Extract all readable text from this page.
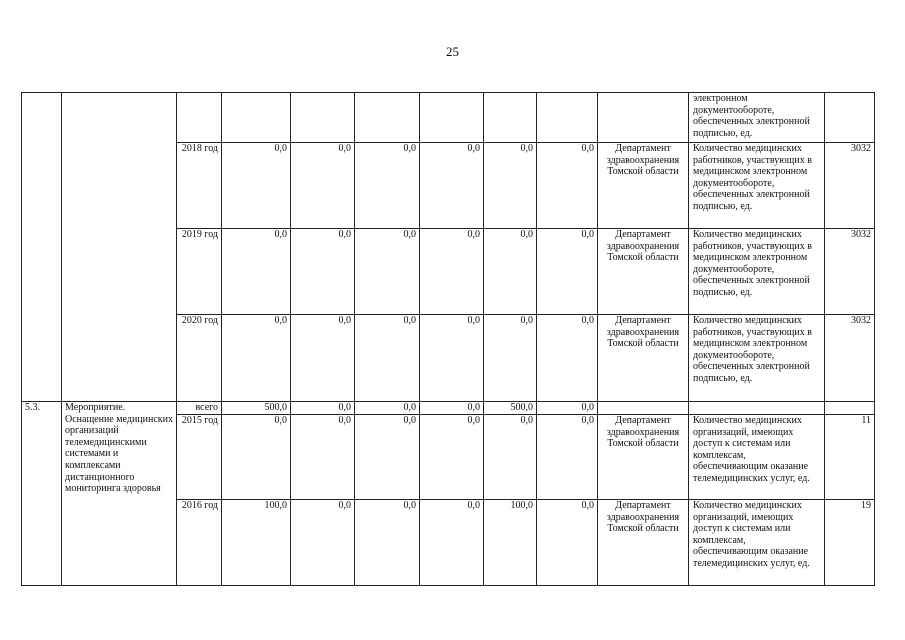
25
										электронном документообороте, обеспеченных электронной подписью, ед.	
		2018 год	0,0	0,0	0,0	0,0	0,0	0,0	Департамент здравоохранения Томской области	Количество медицинских работников, участвующих в медицинском электронном документообороте, обеспеченных электронной подписью, ед.	3032
		2019 год	0,0	0,0	0,0	0,0	0,0	0,0	Департамент здравоохранения Томской области	Количество медицинских работников, участвующих в медицинском электронном документообороте, обеспеченных электронной подписью, ед.	3032
		2020 год	0,0	0,0	0,0	0,0	0,0	0,0	Департамент здравоохранения Томской области	Количество медицинских работников, участвующих в медицинском электронном документообороте, обеспеченных электронной подписью, ед.	3032
5.3.	Мероприятие. Оснащение медицинских организаций телемедицинскими системами и комплексами дистанционного мониторинга здоровья	всего	500,0	0,0	0,0	0,0	500,0	0,0			
		2015 год	0,0	0,0	0,0	0,0	0,0	0,0	Департамент здравоохранения Томской области	Количество медицинских организаций, имеющих доступ к системам или комплексам, обеспечивающим оказание телемедицинских услуг, ед.	11
		2016 год	100,0	0,0	0,0	0,0	100,0	0,0	Департамент здравоохранения Томской области	Количество медицинских организаций, имеющих доступ к системам или комплексам, обеспечивающим оказание телемедицинских услуг, ед.	19
